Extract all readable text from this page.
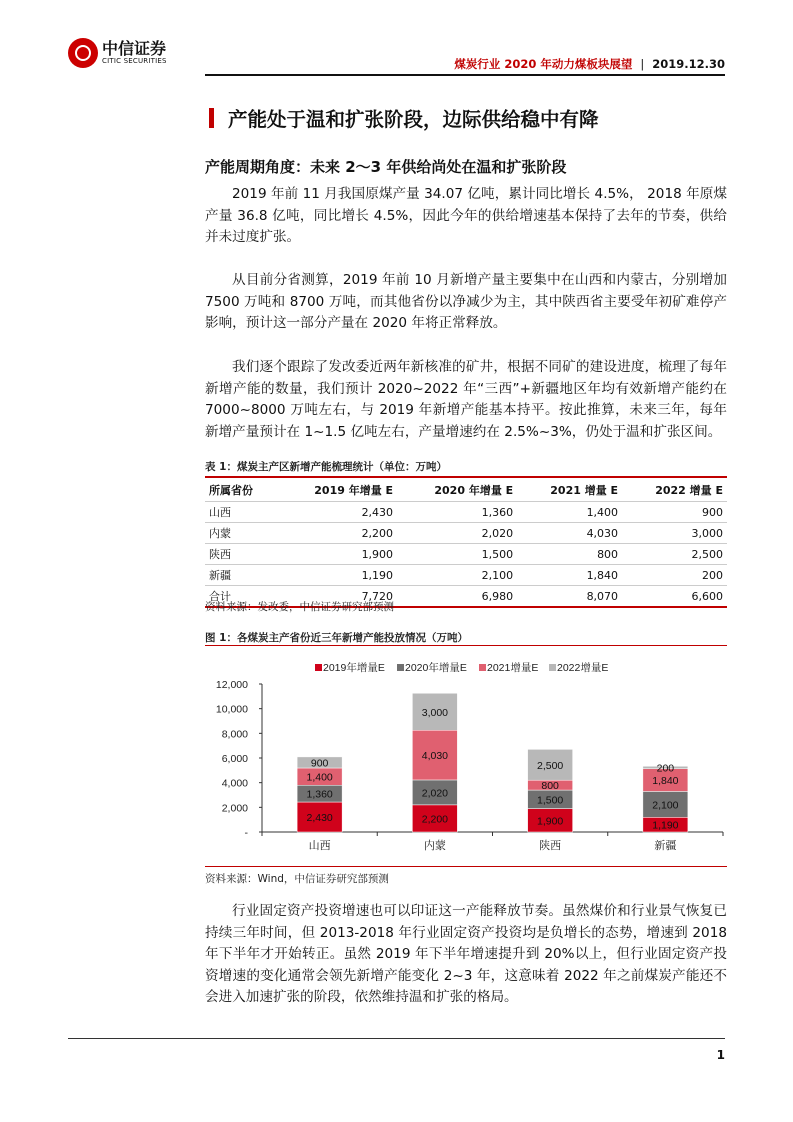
中信证券
CITIC SECURITIES	煤炭行业 2020 年动力煤板块展望 | 2019.12.30
产能处于温和扩张阶段，边际供给稳中有降
产能周期角度：未来 2～3 年供给尚处在温和扩张阶段
2019 年前 11 月我国原煤产量 34.07 亿吨，累计同比增长 4.5%， 2018 年原煤产量 36.8 亿吨，同比增长 4.5%，因此今年的供给增速基本保持了去年的节奏，供给并未过度扩张。
从目前分省测算，2019 年前 10 月新增产量主要集中在山西和内蒙古，分别增加 7500 万吨和 8700 万吨，而其他省份以净减少为主，其中陕西省主要受年初矿难停产影响，预计这一部分产量在 2020 年将正常释放。
我们逐个跟踪了发改委近两年新核准的矿井，根据不同矿的建设进度，梳理了每年新增产能的数量，我们预计 2020~2022 年“三西”+新疆地区年均有效新增产能约在 7000~8000 万吨左右，与 2019 年新增产能基本持平。按此推算，未来三年，每年新增产量预计在 1~1.5 亿吨左右，产量增速约在 2.5%~3%，仍处于温和扩张区间。
表 1：煤炭主产区新增产能梳理统计（单位：万吨）
所属省份	2019 年增量 E	2020 年增量 E	2021 增量 E	2022 增量 E
山西	2,430	1,360	1,400	900
内蒙	2,200	2,020	4,030	3,000
陕西	1,900	1,500	800	2,500
新疆	1,190	2,100	1,840	200
合计	7,720	6,980	8,070	6,600
资料来源：发改委，中信证券研究部预测
图 1：各煤炭主产省份近三年新增产能投放情况（万吨）
2019年增量E 2020年增量E 2021增量E 2022增量E
-
2,000
4,000
6,000
8,000
10,000
12,000
2,430
1,360
1,400
900
山西
2,200
2,020
4,030
3,000
内蒙
1,900
1,500
800
2,500
陕西
1,190
2,100
1,840
200
新疆
资料来源：Wind，中信证券研究部预测
行业固定资产投资增速也可以印证这一产能释放节奏。虽然煤价和行业景气恢复已持续三年时间，但 2013-2018 年行业固定资产投资均是负增长的态势，增速到 2018 年下半年才开始转正。虽然 2019 年下半年增速提升到 20%以上，但行业固定资产投资增速的变化通常会领先新增产能变化 2~3 年，这意味着 2022 年之前煤炭产能还不会进入加速扩张的阶段，依然维持温和扩张的格局。
1
